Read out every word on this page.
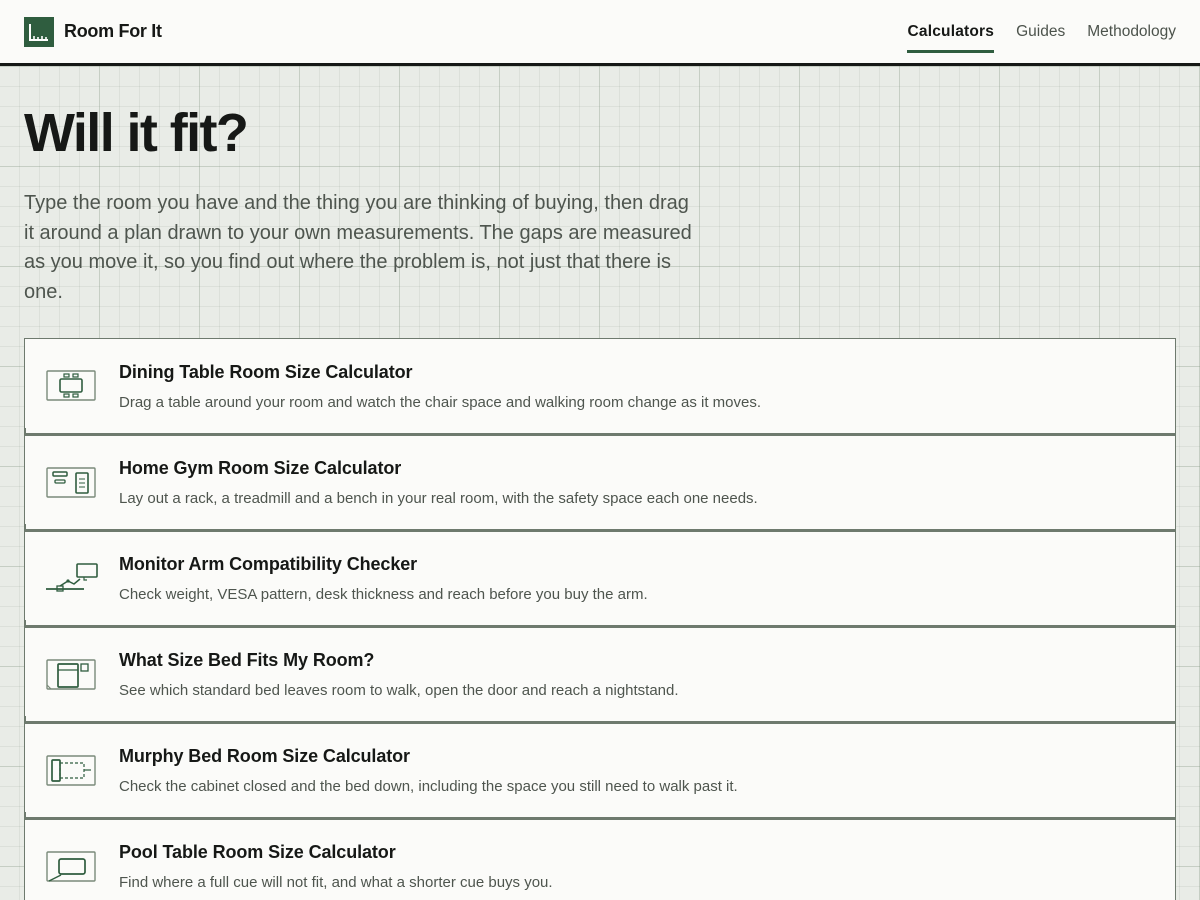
Room For It	Calculators Guides Methodology
Will it fit?

Type the room you have and the thing you are thinking of buying, then drag it around a plan drawn to your own measurements. The gaps are measured as you move it, so you find out where the problem is, not just that there is one.

Dining Table Room Size Calculator
Drag a table around your room and watch the chair space and walking room change as it moves.
Home Gym Room Size Calculator
Lay out a rack, a treadmill and a bench in your real room, with the safety space each one needs.
Monitor Arm Compatibility Checker
Check weight, VESA pattern, desk thickness and reach before you buy the arm.
What Size Bed Fits My Room?
See which standard bed leaves room to walk, open the door and reach a nightstand.
Murphy Bed Room Size Calculator
Check the cabinet closed and the bed down, including the space you still need to walk past it.
Pool Table Room Size Calculator
Find where a full cue will not fit, and what a shorter cue buys you.
